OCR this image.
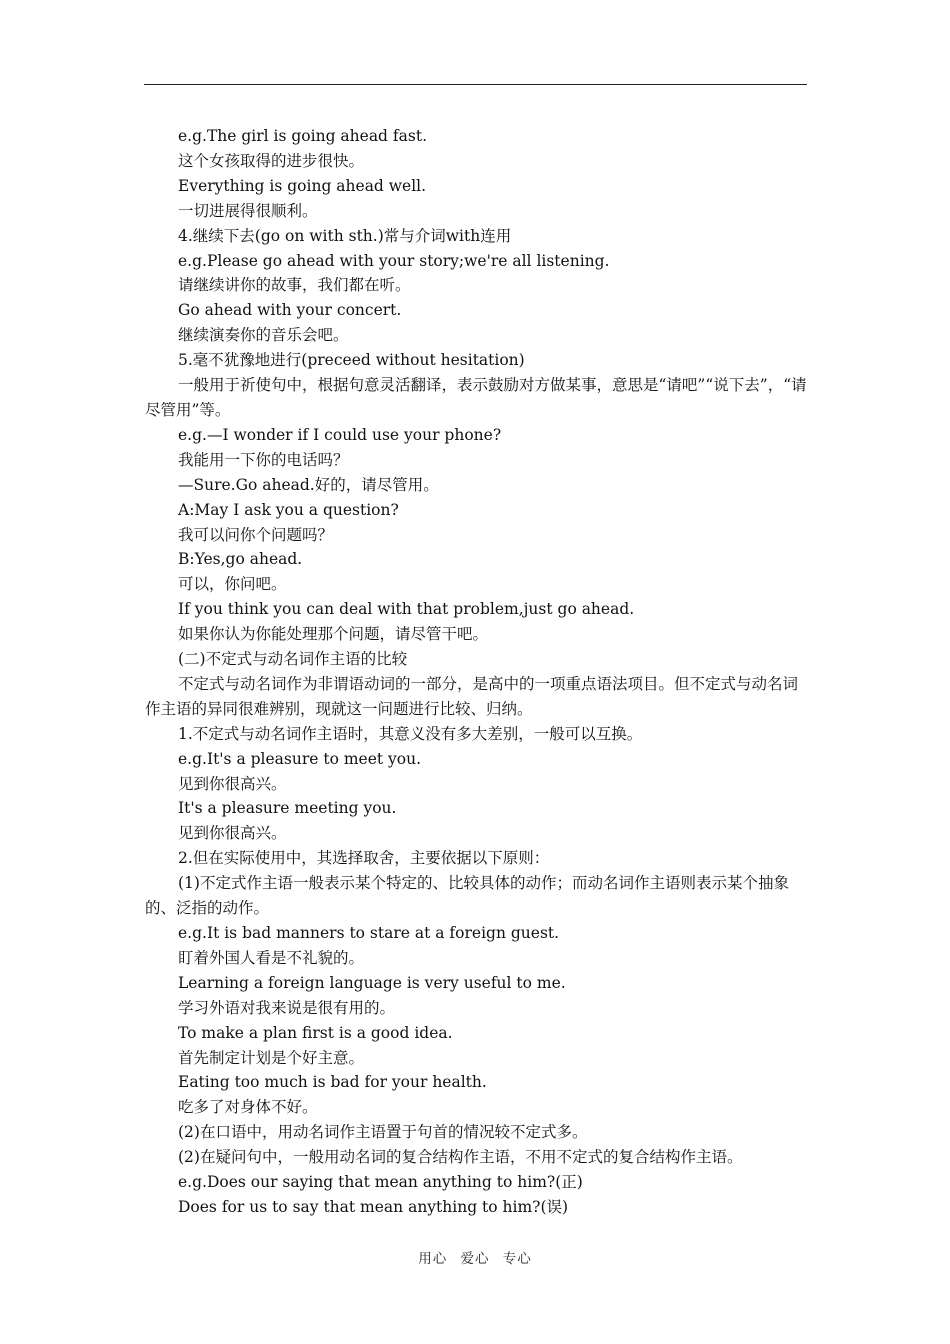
e.g.The girl is going ahead fast.

这个女孩取得的进步很快。

Everything is going ahead well.

一切进展得很顺利。

4.继续下去(go on with sth.)常与介词with连用

e.g.Please go ahead with your story;we're all listening.

请继续讲你的故事，我们都在听。

Go ahead with your concert.

继续演奏你的音乐会吧。

5.毫不犹豫地进行(preceed without hesitation)

一般用于祈使句中，根据句意灵活翻译，表示鼓励对方做某事，意思是“请吧”“说下去”，“请尽管用”等。

e.g.—I wonder if I could use your phone?

我能用一下你的电话吗？

—Sure.Go ahead.好的，请尽管用。

A:May I ask you a question?

我可以问你个问题吗？

B:Yes,go ahead.

可以，你问吧。

If you think you can deal with that problem,just go ahead.

如果你认为你能处理那个问题，请尽管干吧。

(二)不定式与动名词作主语的比较

不定式与动名词作为非谓语动词的一部分，是高中的一项重点语法项目。但不定式与动名词作主语的异同很难辨别，现就这一问题进行比较、归纳。

1.不定式与动名词作主语时，其意义没有多大差别，一般可以互换。

e.g.It's a pleasure to meet you.

见到你很高兴。

It's a pleasure meeting you.

见到你很高兴。

2.但在实际使用中，其选择取舍，主要依据以下原则：

(1)不定式作主语一般表示某个特定的、比较具体的动作；而动名词作主语则表示某个抽象的、泛指的动作。

e.g.It is bad manners to stare at a foreign guest.

盯着外国人看是不礼貌的。

Learning a foreign language is very useful to me.

学习外语对我来说是很有用的。

To make a plan first is a good idea.

首先制定计划是个好主意。

Eating too much is bad for your health.

吃多了对身体不好。

(2)在口语中，用动名词作主语置于句首的情况较不定式多。

(2)在疑问句中，一般用动名词的复合结构作主语，不用不定式的复合结构作主语。

e.g.Does our saying that mean anything to him?(正)

Does for us to say that mean anything to him?(误)

用心 爱心 专心
